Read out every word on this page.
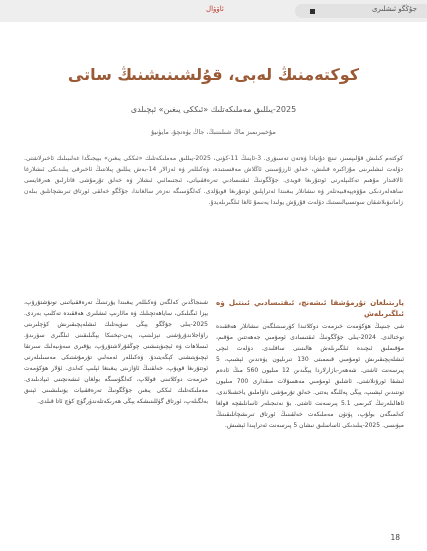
جۇڭگو ئىشلىرى
ئاۋۋال
كوكتەمنىڭ لەبى، قۇلشىنىشنىڭ ساتى
2025-يىللىق مەملىكەتلىك «ئىككى يىغىن» ئېچىلدى
مۇخبىرىمىز ماڭ شىلىننىڭ، جاڭ يۈەنچۇ، مايۈنيۇ

كوكتەم كىلىش قۇلىپسىز، تىنچ دۇنيادا ۋەتەن تەسىۋرى. 3-ئاينىڭ 11-كۈنى، 2025-يىللىق مەملىكەتلىك «ئىككى يىغىن» بېيجىڭدا غەلىبىلىك ئاخىرلاشتى. دۆلەت ئىشلىرىنى مۇزاكىرە قىلىش، خەلق ئارزۇسىنى ئاڭلاش مەقسىتىدە، ۋەكىللەر ۋە ئەزالار 14-بەش يىللىق پىلاننىڭ ئاخىرقى يىلىدىكى ئىشلارغا ئالاقىدار مۇھىم تەكلىپلەرنى ئوتتۇرىغا قويدى. جۇڭگونىڭ ئىقتىسادىي تەرەققىياتى، ئىجتىمائىي ئىشلار ۋە خەلق تۇرمۇشى قاتارلىق ھەرقايسى ساھەلەردىكى مۇۋەپپەقىيەتلەر ۋە نىشانلار يىغىندا ئەتراپلىق ئوتتۇرىغا قويۇلدى. كەلگۈسىگە نەزەر سالغاندا، جۇڭگو خەلقى ئورتاق تىرىشچانلىق بىلەن زامانىۋىلاشقان سوتسىيالىستىك دۆلەت قۇرۇش يولىدا يەنىمۇ ئالغا ئىلگىرىلەيدۇ.

يارىتىلغان تۇرمۇشقا ئىشەنچ، ئىقتىسادىي ئىنتىل ۋە ئىلگىرىلەش

شى جىنپىڭ ھۆكۈمەت خىزمەت دوكلاتىدا كۆرسىتىلگەن نىشانلار ھەققىدە توختالدى. 2024-يىلى جۇڭگونىڭ ئىقتىسادى ئومۇمىي جەھەتتىن مۇقىم، مۇقىملىق ئىچىدە ئىلگىرىلەش ھالىتىنى ساقلىدى. دۆلەت ئىچى ئىشلەپچىقىرىش ئومۇمىي قىممىتى 130 تىرىليون يۈەندىن ئېشىپ، 5 پىرسەنت ئاشتى. شەھەر-بازارلاردا يېڭىدىن 12 مىليون 560 مىڭ ئادەم ئىشقا ئورۇنلاشتى. ئاشلىق ئومۇمىي مەھسۇلات مىقدارى 700 مىليون توننىدىن ئېشىپ، يېڭى پەللىگە يەتتى. خەلق تۇرمۇشى داۋاملىق ياخشىلاندى، ئاھالىلەرنىڭ كىرىمى 5.1 پىرسەنت ئاشتى. بۇ نەتىجىلەر ئاسانلىقچە قولغا كەلمىگەن بولۇپ، پۈتۈن مەملىكەت خەلقىنىڭ ئورتاق تىرىشچانلىقىنىڭ مېۋىسى. 2025-يىلىدىكى ئاساسلىق نىشان 5 پىرسەنت ئەتراپىدا ئېشىش.

شىنجاڭدىن كەلگەن ۋەكىللەر يىغىندا يۇرتىنىڭ تەرەققىياتىنى تونۇشتۇرۇپ، يېزا ئىگىلىكى، ساياھەتچىلىك ۋە مائارىپ ئىشلىرى ھەققىدە تەكلىپ بەردى. 2025-يىلى جۇڭگو يېڭى سۈپەتلىك ئىشلەپچىقىرىش كۈچلىرىنى راۋاجلاندۇرۇشنى تېزلىتىپ، پەن-تېخنىكا يېڭىلىقىنى ئىلگىرى سۈرىدۇ. ئىسلاھات ۋە ئېچىۋېتىشنى چوڭقۇرلاشتۇرۇپ، يۇقىرى سەۋىيەلىك سىرتقا ئېچىۋېتىشنى كېڭەيتىدۇ. ۋەكىللەر ئەمەلىي تۇرمۇشتىكى مەسىلىلەرنى ئوتتۇرىغا قويۇپ، خەلقنىڭ ئاۋازىنى يىغىنغا ئېلىپ كەلدى. ئۇلار ھۆكۈمەت خىزمەت دوكلاتىنى قوللاپ، كەلگۈسىگە بولغان ئىشەنچىنى ئىپادىلىدى. مەملىكەتلىك ئىككى يىغىن جۇڭگونىڭ تەرەققىيات يۆنىلىشىنى ئېنىق بەلگىلەپ، ئورتاق گۈللىنىشكە يېڭى ھەرىكەتلەندۈرگۈچ كۈچ ئاتا قىلدى.

18
